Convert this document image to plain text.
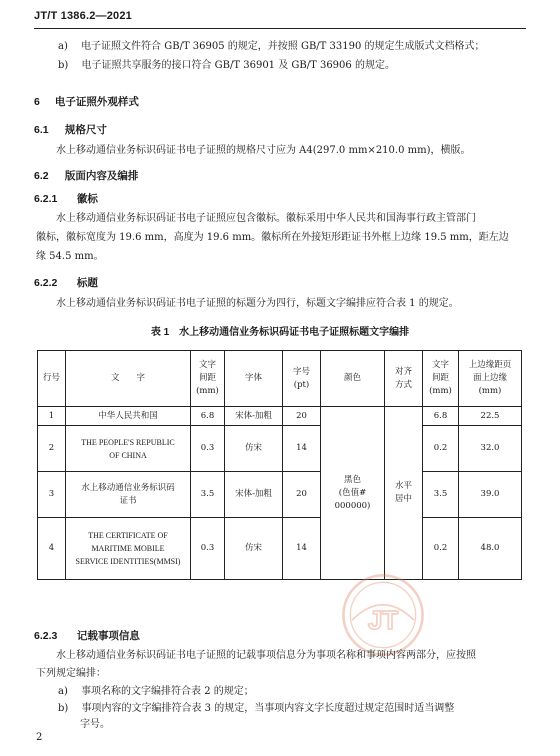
JT/T 1386.2—2021
a) 电子证照文件符合 GB/T 36905 的规定，并按照 GB/T 33190 的规定生成版式文档格式；
b) 电子证照共享服务的接口符合 GB/T 36901 及 GB/T 36906 的规定。
6 电子证照外观样式
6.1 规格尺寸
水上移动通信业务标识码证书电子证照的规格尺寸应为 A4(297.0 mm×210.0 mm)，横版。
6.2 版面内容及编排
6.2.1 徽标
水上移动通信业务标识码证书电子证照应包含徽标。徽标采用中华人民共和国海事行政主管部门
徽标，徽标宽度为 19.6 mm，高度为 19.6 mm。徽标所在外接矩形距证书外框上边缘 19.5 mm，距左边
缘 54.5 mm。
6.2.2 标题
水上移动通信业务标识码证书电子证照的标题分为四行，标题文字编排应符合表 1 的规定。
表 1　水上移动通信业务标识码证书电子证照标题文字编排
行号	文　　字	文字
间距
(mm)	字体	字号
(pt)	颜色	对齐
方式	文字
间距
(mm)	上边缘距页
面上边缘
(mm)
1	中华人民共和国	6.8	宋体-加粗	20	黑色
(色值#
000000)	水平
居中	6.8	22.5
2	THE PEOPLE'S REPUBLIC
OF CHINA	0.3	仿宋	14			0.2	32.0
3	水上移动通信业务标识码
证书	3.5	宋体-加粗	20			3.5	39.0
4	THE CERTIFICATE OF
MARITIME MOBILE
SERVICE IDENTITIES(MMSI)	0.3	仿宋	14			0.2	48.0
JT
6.2.3 记载事项信息
水上移动通信业务标识码证书电子证照的记载事项信息分为事项名称和事项内容两部分，应按照
下列规定编排：
a) 事项名称的文字编排符合表 2 的规定；
b) 事项内容的文字编排符合表 3 的规定，当事项内容文字长度超过规定范围时适当调整
字号。
2
